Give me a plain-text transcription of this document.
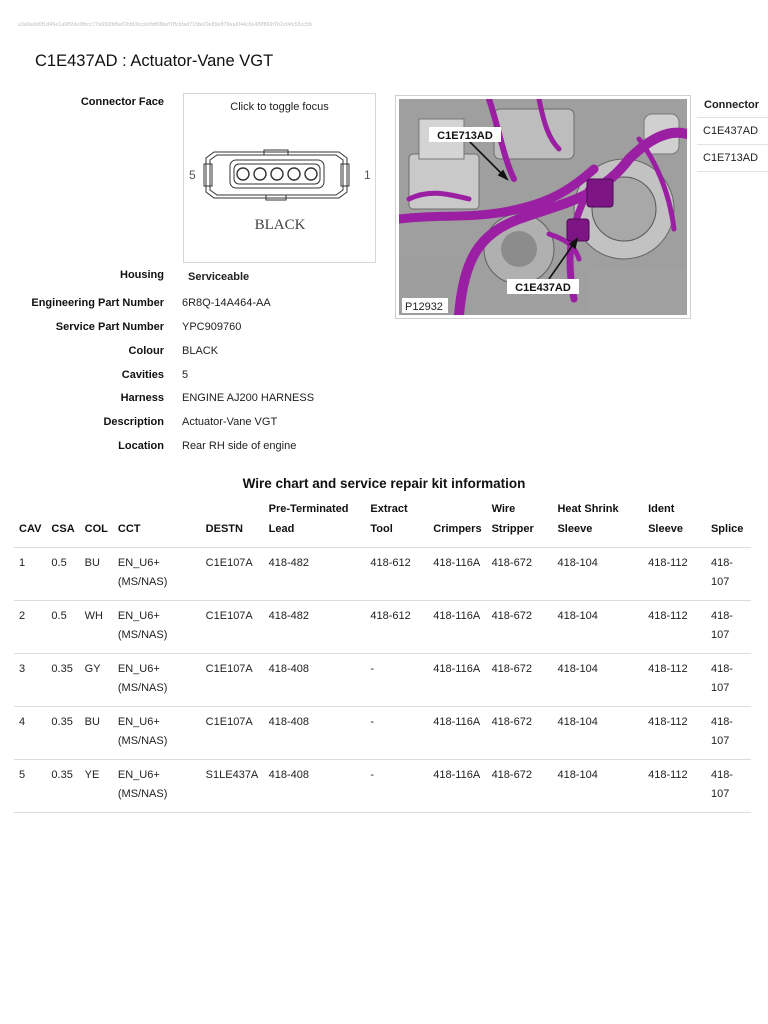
a3a9a9d0f1d45e1a9ff2de3fbcc77a930fbf9ef2bfd3fccb0fdf08bef7ffcbfad71fde20e89e879ea6f44c6c4f9f860f7b2cf4fc65cc5b
C1E437AD : Actuator-Vane VGT
Connector Face	Click to toggle focus
5	1
BLACK
C1E713AD
C1E437AD
P12932
Connector
C1E437AD
C1E713AD
Housing Serviceable
Engineering Part Number 6R8Q-14A464-AA
Service Part Number YPC909760
Colour BLACK
Cavities 5
Harness ENGINE AJ200 HARNESS
Description Actuator-Vane VGT
Location Rear RH side of engine
Wire chart and service repair kit information
CAV	CSA	COL	CCT	DESTN	Pre-Terminated Lead	Extract Tool	Crimpers	Wire Stripper	Heat Shrink Sleeve	Ident Sleeve	Splice
1	0.5	BU	EN_U6+ (MS/NAS)	C1E107A	418-482	418-612	418-116A	418-672	418-104	418-112	418-107
2	0.5	WH	EN_U6+ (MS/NAS)	C1E107A	418-482	418-612	418-116A	418-672	418-104	418-112	418-107
3	0.35	GY	EN_U6+ (MS/NAS)	C1E107A	418-408	-	418-116A	418-672	418-104	418-112	418-107
4	0.35	BU	EN_U6+ (MS/NAS)	C1E107A	418-408	-	418-116A	418-672	418-104	418-112	418-107
5	0.35	YE	EN_U6+ (MS/NAS)	S1LE437A	418-408	-	418-116A	418-672	418-104	418-112	418-107
